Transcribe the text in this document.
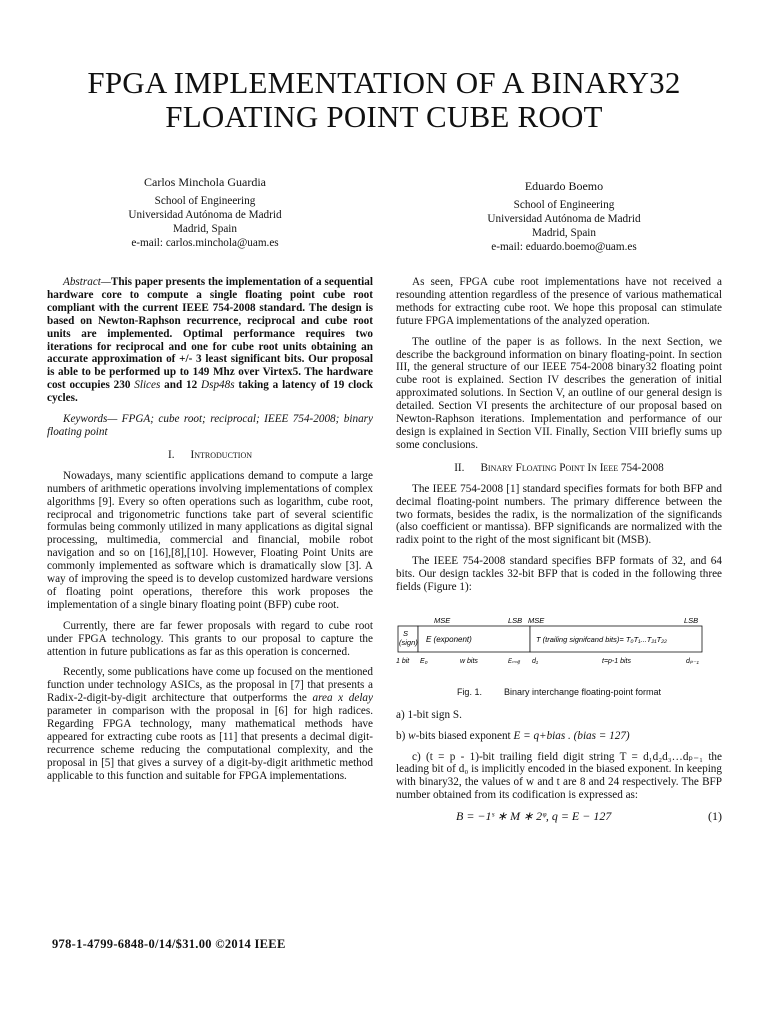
FPGA IMPLEMENTATION OF A BINARY32
FLOATING POINT CUBE ROOT
Carlos Minchola Guardia
School of Engineering
Universidad Autónoma de Madrid
Madrid, Spain
e-mail: carlos.minchola@uam.es
Eduardo Boemo
School of Engineering
Universidad Autónoma de Madrid
Madrid, Spain
e-mail: eduardo.boemo@uam.es

Abstract—This paper presents the implementation of a sequential hardware core to compute a single floating point cube root compliant with the current IEEE 754-2008 standard. The design is based on Newton-Raphson recurrence, reciprocal and cube root units are implemented. Optimal performance requires two iterations for reciprocal and one for cube root units obtaining an accurate approximation of +/- 3 least significant bits. Our proposal is able to be performed up to 149 Mhz over Virtex5. The hardware cost occupies 230 Slices and 12 Dsp48s taking a latency of 19 clock cycles.

Keywords— FPGA; cube root; reciprocal; IEEE 754-2008; binary floating point

I. Introduction

Nowadays, many scientific applications demand to compute a large numbers of arithmetic operations involving implementations of complex algorithms [9]. Every so often operations such as logarithm, cube root, reciprocal and trigonometric functions take part of several scientific formulas being commonly utilized in many applications as digital signal processing, multimedia, commercial and financial, mobile robot navigation and so on [16],[8],[10]. However, Floating Point Units are commonly implemented as software which is dramatically slow [3]. A way of improving the speed is to develop customized hardware versions of floating point operations, therefore this work proposes the implementation of a single binary floating point (BFP) cube root.

Currently, there are far fewer proposals with regard to cube root under FPGA technology. This grants to our proposal to capture the attention in future publications as far as this operation is concerned.

Recently, some publications have come up focused on the mentioned function under technology ASICs, as the proposal in [7] that presents a Radix-2-digit-by-digit architecture that outperforms the area x delay parameter in comparison with the proposal in [6] for high radices. Regarding FPGA technology, many mathematical methods have appeared for extracting cube roots as [11] that presents a decimal digit-recurrence scheme reducing the computational complexity, and the proposal in [5] that gives a survey of a digit-by-digit arithmetic method applicable to this function and suitable for FPGA implementations.

As seen, FPGA cube root implementations have not received a resounding attention regardless of the presence of various mathematical methods for extracting cube root. We hope this proposal can stimulate future FPGA implementations of the analyzed operation.

The outline of the paper is as follows. In the next Section, we describe the background information on binary floating-point. In section III, the general structure of our IEEE 754-2008 binary32 floating point cube root is explained. Section IV describes the generation of initial approximated solutions. In Section V, an outline of our general design is detailed. Section VI presents the architecture of our proposal based on Newton-Raphson iterations. Implementation and performance of our design is explained in Section VII. Finally, Section VIII briefly sums up some conclusions.

II. Binary Floating Point In Ieee 754-2008

The IEEE 754-2008 [1] standard specifies formats for both BFP and decimal floating-point numbers. The primary difference between the two formats, besides the radix, is the normalization of the significands (also coefficient or mantissa). BFP significands are normalized with the radix point to the right of the most significant bit (MSB).

The IEEE 754-2008 standard specifies BFP formats of 32, and 64 bits. Our design tackles 32-bit BFP that is coded in the following three fields (Figure 1):

MSE	LSB MSE	LSB
S
(sign) E (exponent)	T (trailing signifcand bits)= T₀T₁...T₂₁T₂₂
1 bit E₀	w bits	Eₘₛᵦ d₁	t=p-1 bits	dₚ₋₁
Fig. 1. Binary interchange floating-point format

a) 1-bit sign S.

b) w-bits biased exponent E = q+bias . (bias = 127)

c) (t = p - 1)-bit trailing field digit string T = d₁d₂d₃…dₚ₋₁ the leading bit of d₀ is implicitly encoded in the biased exponent. In keeping with binary32, the values of w and t are 8 and 24 respectively. The BFP number obtained from its codification is expressed as:

B = −1ˢ ∗ M ∗ 2ᵠ, q = E − 127	(1)
978-1-4799-6848-0/14/$31.00 ©2014 IEEE
